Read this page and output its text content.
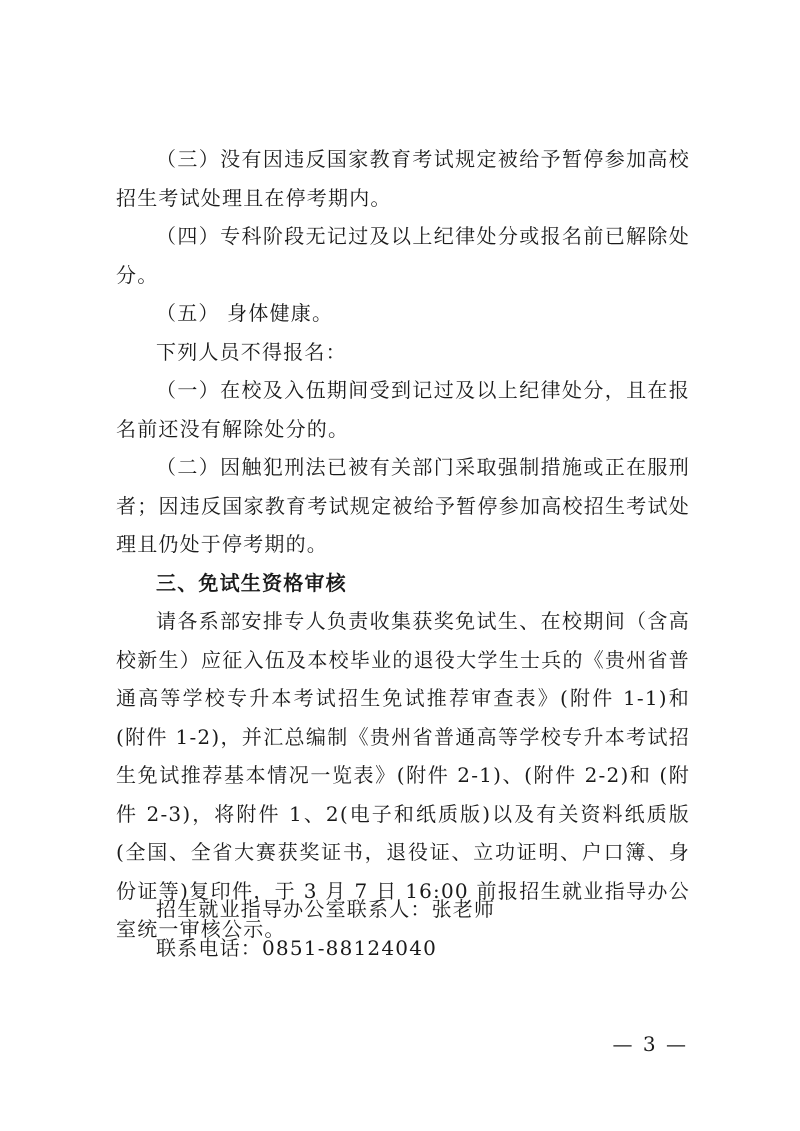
（三）没有因违反国家教育考试规定被给予暂停参加高校招生考试处理且在停考期内。

（四）专科阶段无记过及以上纪律处分或报名前已解除处分。

（五） 身体健康。

下列人员不得报名：

（一）在校及入伍期间受到记过及以上纪律处分，且在报名前还没有解除处分的。

（二）因触犯刑法已被有关部门采取强制措施或正在服刑者；因违反国家教育考试规定被给予暂停参加高校招生考试处理且仍处于停考期的。

三、免试生资格审核

请各系部安排专人负责收集获奖免试生、在校期间（含高校新生）应征入伍及本校毕业的退役大学生士兵的《贵州省普通高等学校专升本考试招生免试推荐审查表》(附件 1-1)和(附件 1-2)，并汇总编制《贵州省普通高等学校专升本考试招生免试推荐基本情况一览表》(附件 2-1)、(附件 2-2)和 (附件 2-3)，将附件 1、2(电子和纸质版)以及有关资料纸质版(全国、全省大赛获奖证书，退役证、立功证明、户口簿、身份证等)复印件，于 3 月 7 日 16:00 前报招生就业指导办公室统一审核公示。

招生就业指导办公室联系人：张老师

联系电话：0851-88124040

— 3 —
